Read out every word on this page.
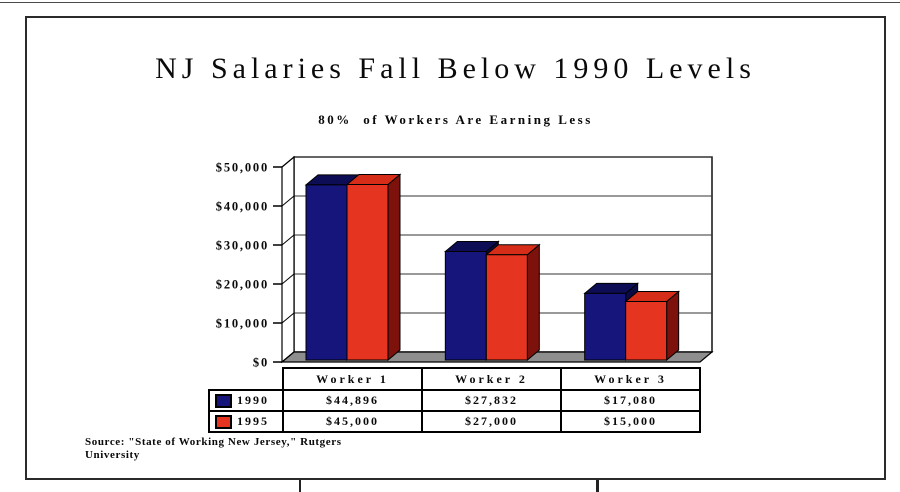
NJ Salaries Fall Below 1990 Levels
80%  of Workers Are Earning Less
$50,000
$40,000
$30,000
$20,000
$10,000
$0
	Worker 1	Worker 2	Worker 3

1990	$44,896	$27,832	$17,080

1995	$45,000	$27,000	$15,000
Source: "State of Working New Jersey," Rutgers
University
